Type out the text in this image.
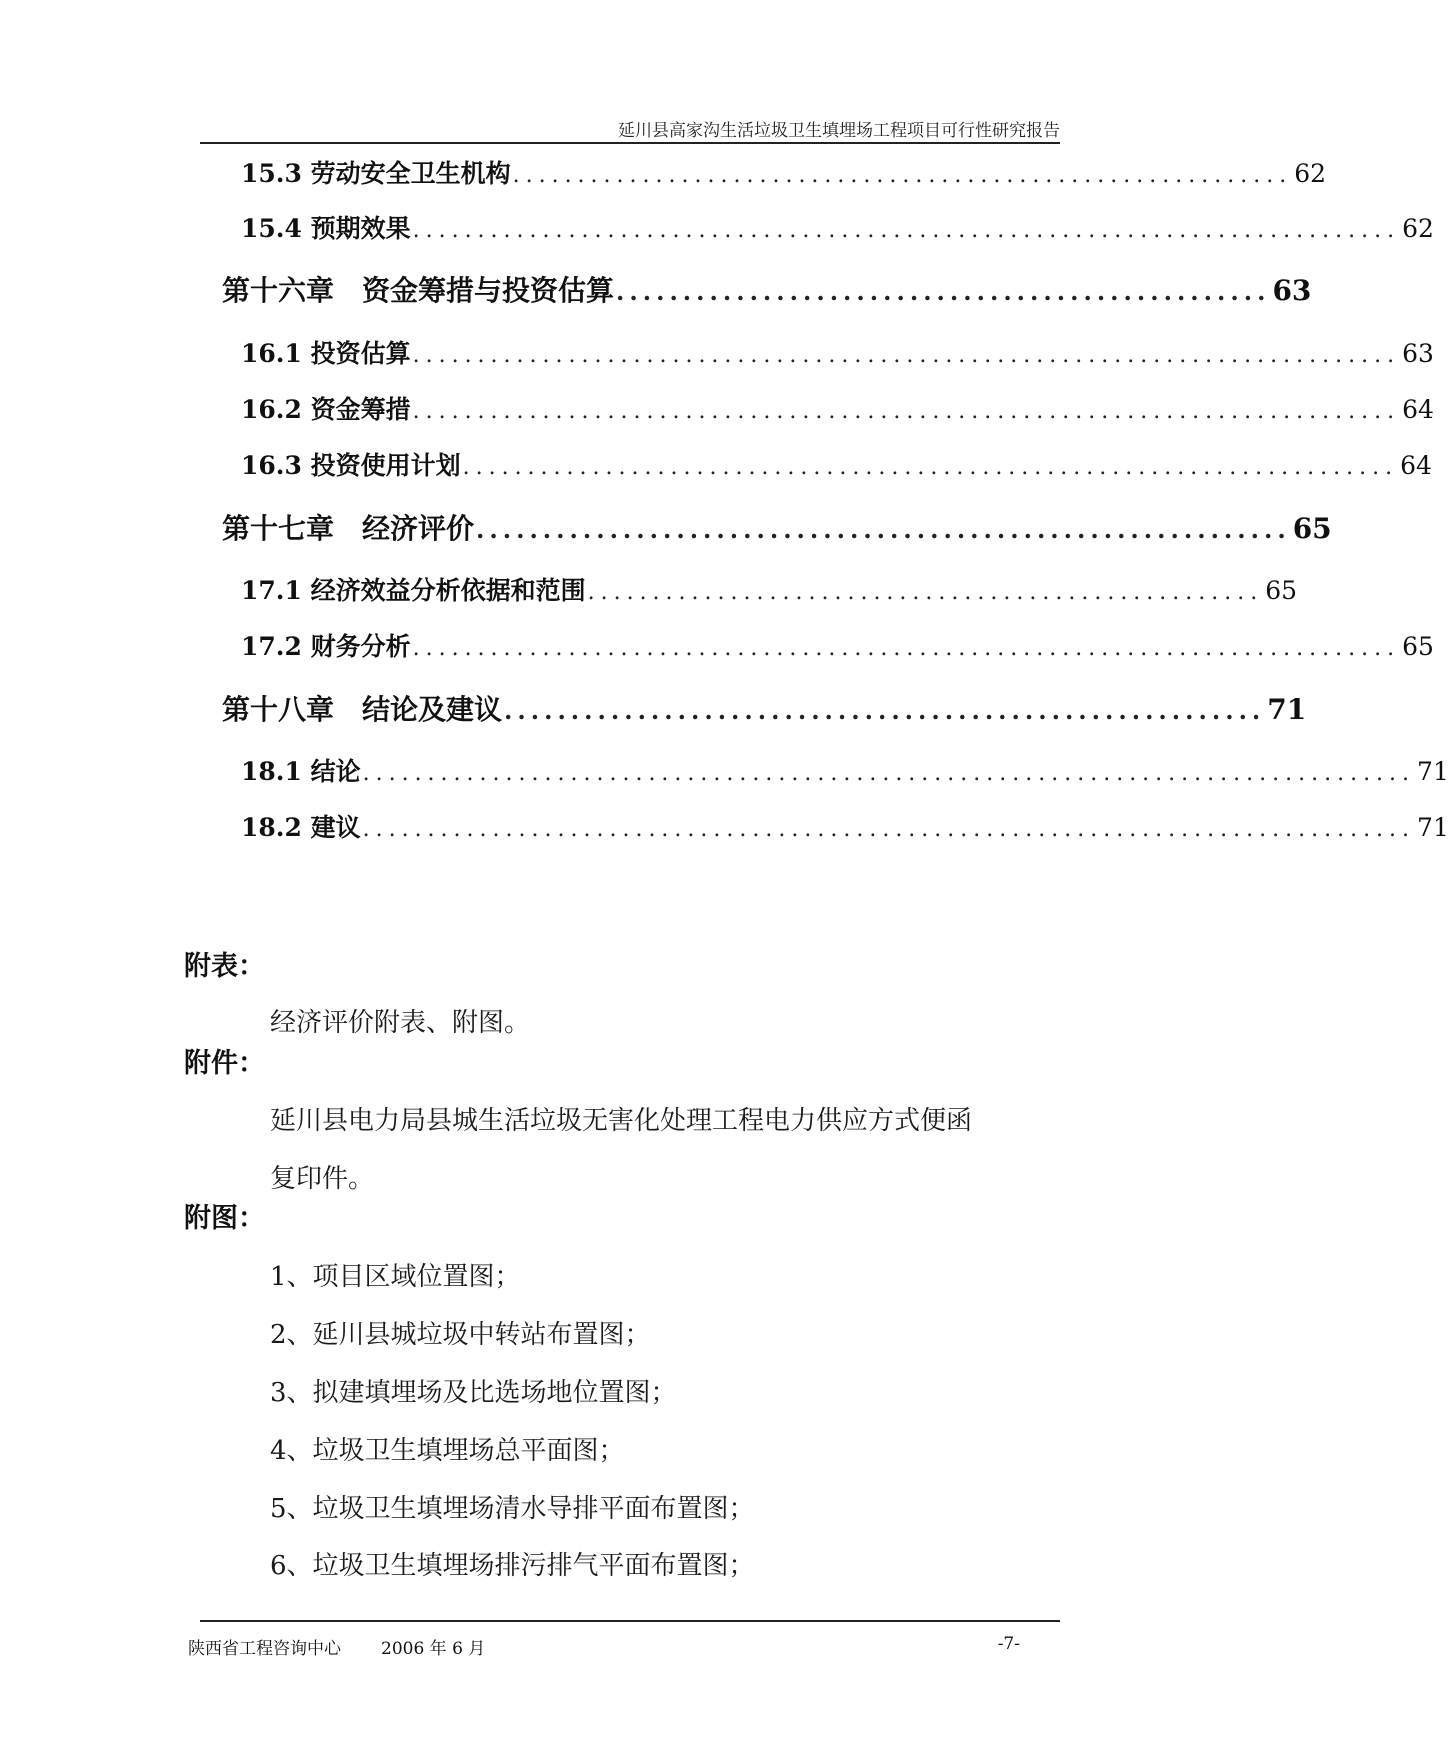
延川县高家沟生活垃圾卫生填埋场工程项目可行性研究报告
15.3 劳动安全卫生机构 ............................................................ 62
15.4 预期效果 ............................................................................ 62
第十六章　资金筹措与投资估算 ................................................. 63
16.1 投资估算 ............................................................................ 63
16.2 资金筹措 ............................................................................ 64
16.3 投资使用计划 ........................................................................ 64
第十七章　经济评价 ............................................................. 65
17.1 经济效益分析依据和范围 .................................................... 65
17.2 财务分析 ............................................................................ 65
第十八章　结论及建议 ......................................................... 71
18.1 结论 ................................................................................. 71
18.2 建议 ................................................................................. 71
附表：
经济评价附表、附图。
附件：
延川县电力局县城生活垃圾无害化处理工程电力供应方式便函
复印件。
附图：
1、项目区域位置图；
2、延川县城垃圾中转站布置图；
3、拟建填埋场及比选场地位置图；
4、垃圾卫生填埋场总平面图；
5、垃圾卫生填埋场清水导排平面布置图；
6、垃圾卫生填埋场排污排气平面布置图；
陕西省工程咨询中心 2006 年 6 月	-7-
